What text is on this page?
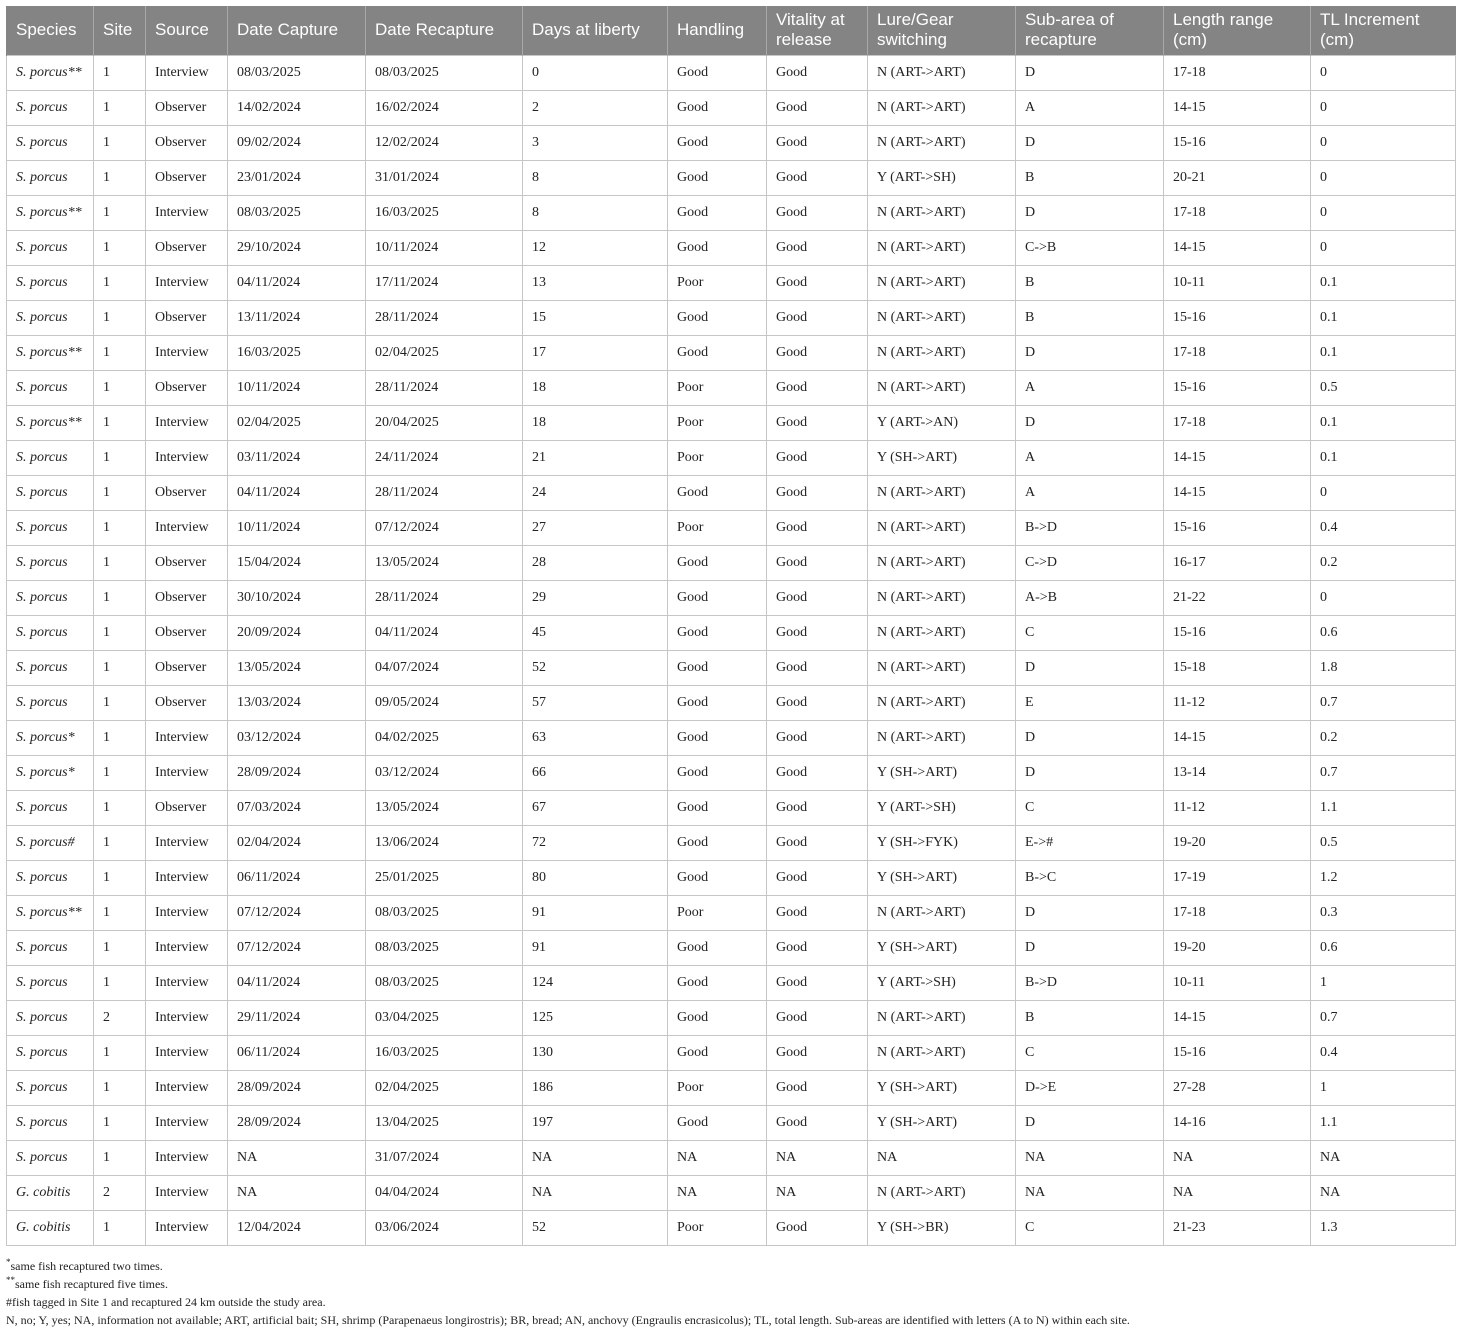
Species	Site	Source	Date Capture	Date Recapture	Days at liberty	Handling	Vitality at release	Lure/Gear switching	Sub-area of recapture	Length range (cm)	TL Increment (cm)
S. porcus**	1	Interview	08/03/2025	08/03/2025	0	Good	Good	N (ART->ART)	D	17-18	0
S. porcus	1	Observer	14/02/2024	16/02/2024	2	Good	Good	N (ART->ART)	A	14-15	0
S. porcus	1	Observer	09/02/2024	12/02/2024	3	Good	Good	N (ART->ART)	D	15-16	0
S. porcus	1	Observer	23/01/2024	31/01/2024	8	Good	Good	Y (ART->SH)	B	20-21	0
S. porcus**	1	Interview	08/03/2025	16/03/2025	8	Good	Good	N (ART->ART)	D	17-18	0
S. porcus	1	Observer	29/10/2024	10/11/2024	12	Good	Good	N (ART->ART)	C->B	14-15	0
S. porcus	1	Interview	04/11/2024	17/11/2024	13	Poor	Good	N (ART->ART)	B	10-11	0.1
S. porcus	1	Observer	13/11/2024	28/11/2024	15	Good	Good	N (ART->ART)	B	15-16	0.1
S. porcus**	1	Interview	16/03/2025	02/04/2025	17	Good	Good	N (ART->ART)	D	17-18	0.1
S. porcus	1	Observer	10/11/2024	28/11/2024	18	Poor	Good	N (ART->ART)	A	15-16	0.5
S. porcus**	1	Interview	02/04/2025	20/04/2025	18	Poor	Good	Y (ART->AN)	D	17-18	0.1
S. porcus	1	Interview	03/11/2024	24/11/2024	21	Poor	Good	Y (SH->ART)	A	14-15	0.1
S. porcus	1	Observer	04/11/2024	28/11/2024	24	Good	Good	N (ART->ART)	A	14-15	0
S. porcus	1	Interview	10/11/2024	07/12/2024	27	Poor	Good	N (ART->ART)	B->D	15-16	0.4
S. porcus	1	Observer	15/04/2024	13/05/2024	28	Good	Good	N (ART->ART)	C->D	16-17	0.2
S. porcus	1	Observer	30/10/2024	28/11/2024	29	Good	Good	N (ART->ART)	A->B	21-22	0
S. porcus	1	Observer	20/09/2024	04/11/2024	45	Good	Good	N (ART->ART)	C	15-16	0.6
S. porcus	1	Observer	13/05/2024	04/07/2024	52	Good	Good	N (ART->ART)	D	15-18	1.8
S. porcus	1	Observer	13/03/2024	09/05/2024	57	Good	Good	N (ART->ART)	E	11-12	0.7
S. porcus*	1	Interview	03/12/2024	04/02/2025	63	Good	Good	N (ART->ART)	D	14-15	0.2
S. porcus*	1	Interview	28/09/2024	03/12/2024	66	Good	Good	Y (SH->ART)	D	13-14	0.7
S. porcus	1	Observer	07/03/2024	13/05/2024	67	Good	Good	Y (ART->SH)	C	11-12	1.1
S. porcus#	1	Interview	02/04/2024	13/06/2024	72	Good	Good	Y (SH->FYK)	E->#	19-20	0.5
S. porcus	1	Interview	06/11/2024	25/01/2025	80	Good	Good	Y (SH->ART)	B->C	17-19	1.2
S. porcus**	1	Interview	07/12/2024	08/03/2025	91	Poor	Good	N (ART->ART)	D	17-18	0.3
S. porcus	1	Interview	07/12/2024	08/03/2025	91	Good	Good	Y (SH->ART)	D	19-20	0.6
S. porcus	1	Interview	04/11/2024	08/03/2025	124	Good	Good	Y (ART->SH)	B->D	10-11	1
S. porcus	2	Interview	29/11/2024	03/04/2025	125	Good	Good	N (ART->ART)	B	14-15	0.7
S. porcus	1	Interview	06/11/2024	16/03/2025	130	Good	Good	N (ART->ART)	C	15-16	0.4
S. porcus	1	Interview	28/09/2024	02/04/2025	186	Poor	Good	Y (SH->ART)	D->E	27-28	1
S. porcus	1	Interview	28/09/2024	13/04/2025	197	Good	Good	Y (SH->ART)	D	14-16	1.1
S. porcus	1	Interview	NA	31/07/2024	NA	NA	NA	NA	NA	NA	NA
G. cobitis	2	Interview	NA	04/04/2024	NA	NA	NA	N (ART->ART)	NA	NA	NA
G. cobitis	1	Interview	12/04/2024	03/06/2024	52	Poor	Good	Y (SH->BR)	C	21-23	1.3
*same fish recaptured two times.
**same fish recaptured five times.
#fish tagged in Site 1 and recaptured 24 km outside the study area.
N, no; Y, yes; NA, information not available; ART, artificial bait; SH, shrimp (Parapenaeus longirostris); BR, bread; AN, anchovy (Engraulis encrasicolus); TL, total length. Sub-areas are identified with letters (A to N) within each site.
